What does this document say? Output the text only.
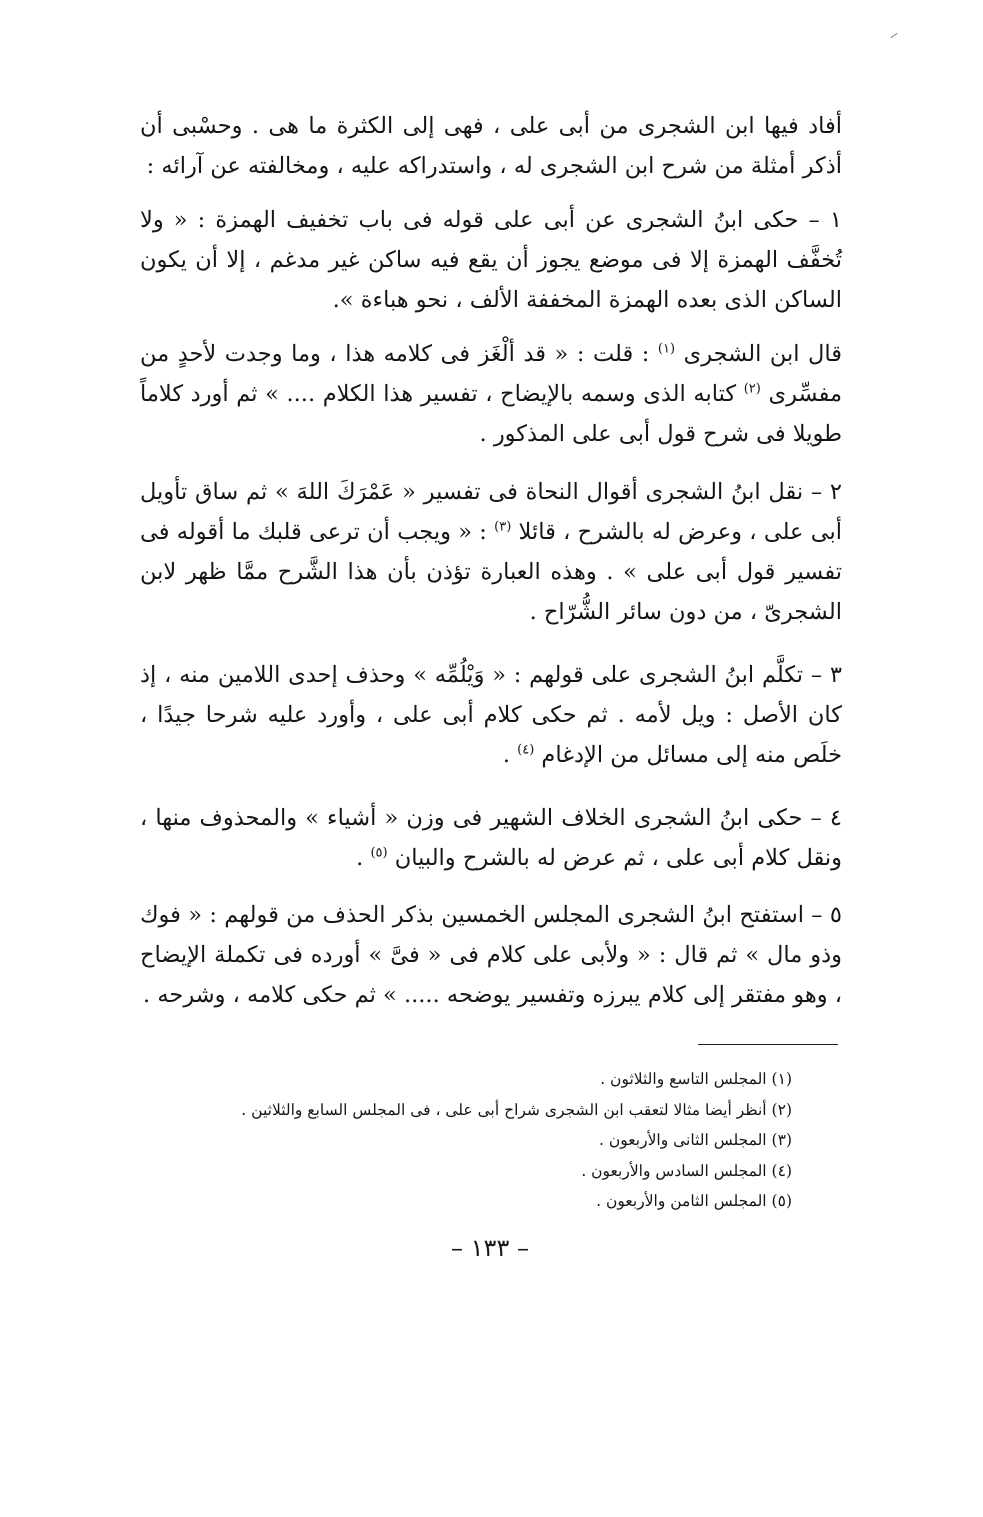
أفاد فيها ابن الشجرى من أبى على ، فهى إلى الكثرة ما هى . وحسْبى أن أذكر أمثلة من شرح ابن الشجرى له ، واستدراكه عليه ، ومخالفته عن آرائه :

١ – حكى ابنُ الشجرى عن أبى على قوله فى باب تخفيف الهمزة : « ولا تُخفَّف الهمزة إلا فى موضع يجوز أن يقع فيه ساكن غير مدغم ، إلا أن يكون الساكن الذى بعده الهمزة المخففة الألف ، نحو هباءة ».

قال ابن الشجرى $^{(١)}$ : قلت : « قد ألْغَز فى كلامه هذا ، وما وجدت لأحدٍ من مفسِّرى $^{(٢)}$ كتابه الذى وسمه بالإيضاح ، تفسير هذا الكلام .... » ثم أورد كلاماً طويلا فى شرح قول أبى على المذكور .

٢ – نقل ابنُ الشجرى أقوال النحاة فى تفسير « عَمْرَكَ اللهَ » ثم ساق تأويل أبى على ، وعرض له بالشرح ، قائلا $^{(٣)}$ : « ويجب أن ترعى قلبك ما أقوله فى تفسير قول أبى على » . وهذه العبارة تؤذن بأن هذا الشَّرح ممَّا ظهر لابن الشجرىّ ، من دون سائر الشُّرّاح .

٣ – تكلَّم ابنُ الشجرى على قولهم : « وَيْلُمِّه » وحذف إحدى اللامين منه ، إذ كان الأصل : ويل لأمه . ثم حكى كلام أبى على ، وأورد عليه شرحا جيدًا ، خلَص منه إلى مسائل من الإدغام $^{(٤)}$ .

٤ – حكى ابنُ الشجرى الخلاف الشهير فى وزن « أشياء » والمحذوف منها ، ونقل كلام أبى على ، ثم عرض له بالشرح والبيان $^{(٥)}$ .

٥ – استفتح ابنُ الشجرى المجلس الخمسين بذكر الحذف من قولهم : « فوك وذو مال » ثم قال : « ولأبى على كلام فى « فىَّ » أورده فى تكملة الإيضاح ، وهو مفتقر إلى كلام يبرزه وتفسير يوضحه ..... » ثم حكى كلامه ، وشرحه .

(١) المجلس التاسع والثلاثون .

(٢) أنظر أيضا مثالا لتعقب ابن الشجرى شراح أبى على ، فى المجلس السابع والثلاثين .

(٣) المجلس الثانى والأربعون .

(٤) المجلس السادس والأربعون .

(٥) المجلس الثامن والأربعون .

– ١٣٣ –
